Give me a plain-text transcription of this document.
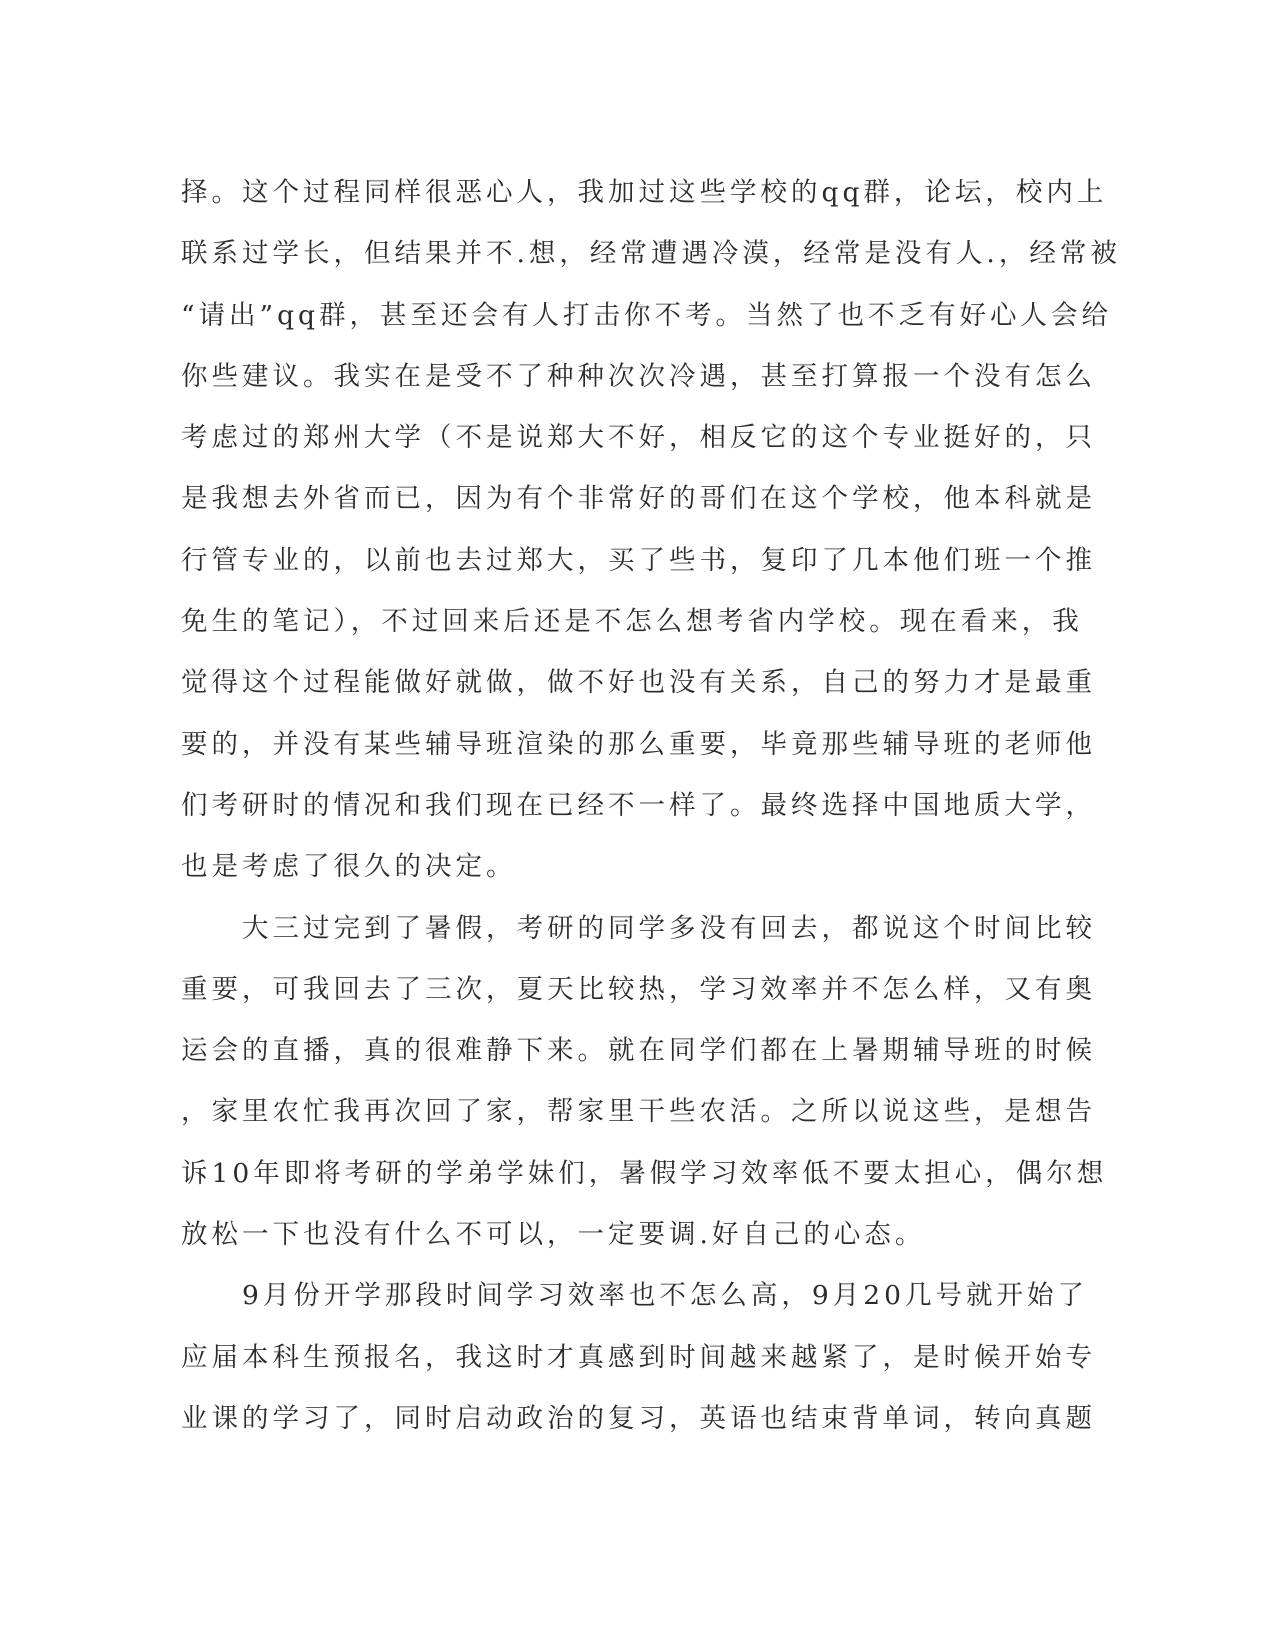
择。这个过程同样很恶心人，我加过这些学校的qq群，论坛，校内上
联系过学长，但结果并不.想，经常遭遇冷漠，经常是没有人.，经常被
“请出”qq群，甚至还会有人打击你不考。当然了也不乏有好心人会给
你些建议。我实在是受不了种种次次冷遇，甚至打算报一个没有怎么
考虑过的郑州大学（不是说郑大不好，相反它的这个专业挺好的，只
是我想去外省而已，因为有个非常好的哥们在这个学校，他本科就是
行管专业的，以前也去过郑大，买了些书，复印了几本他们班一个推
免生的笔记），不过回来后还是不怎么想考省内学校。现在看来，我
觉得这个过程能做好就做，做不好也没有关系，自己的努力才是最重
要的，并没有某些辅导班渲染的那么重要，毕竟那些辅导班的老师他
们考研时的情况和我们现在已经不一样了。最终选择中国地质大学，
也是考虑了很久的决定。
　　大三过完到了暑假，考研的同学多没有回去，都说这个时间比较
重要，可我回去了三次，夏天比较热，学习效率并不怎么样，又有奥
运会的直播，真的很难静下来。就在同学们都在上暑期辅导班的时候
，家里农忙我再次回了家，帮家里干些农活。之所以说这些，是想告
诉10年即将考研的学弟学妹们，暑假学习效率低不要太担心，偶尔想
放松一下也没有什么不可以，一定要调.好自己的心态。
　　9月份开学那段时间学习效率也不怎么高，9月20几号就开始了
应届本科生预报名，我这时才真感到时间越来越紧了，是时候开始专
业课的学习了，同时启动政治的复习，英语也结束背单词，转向真题
